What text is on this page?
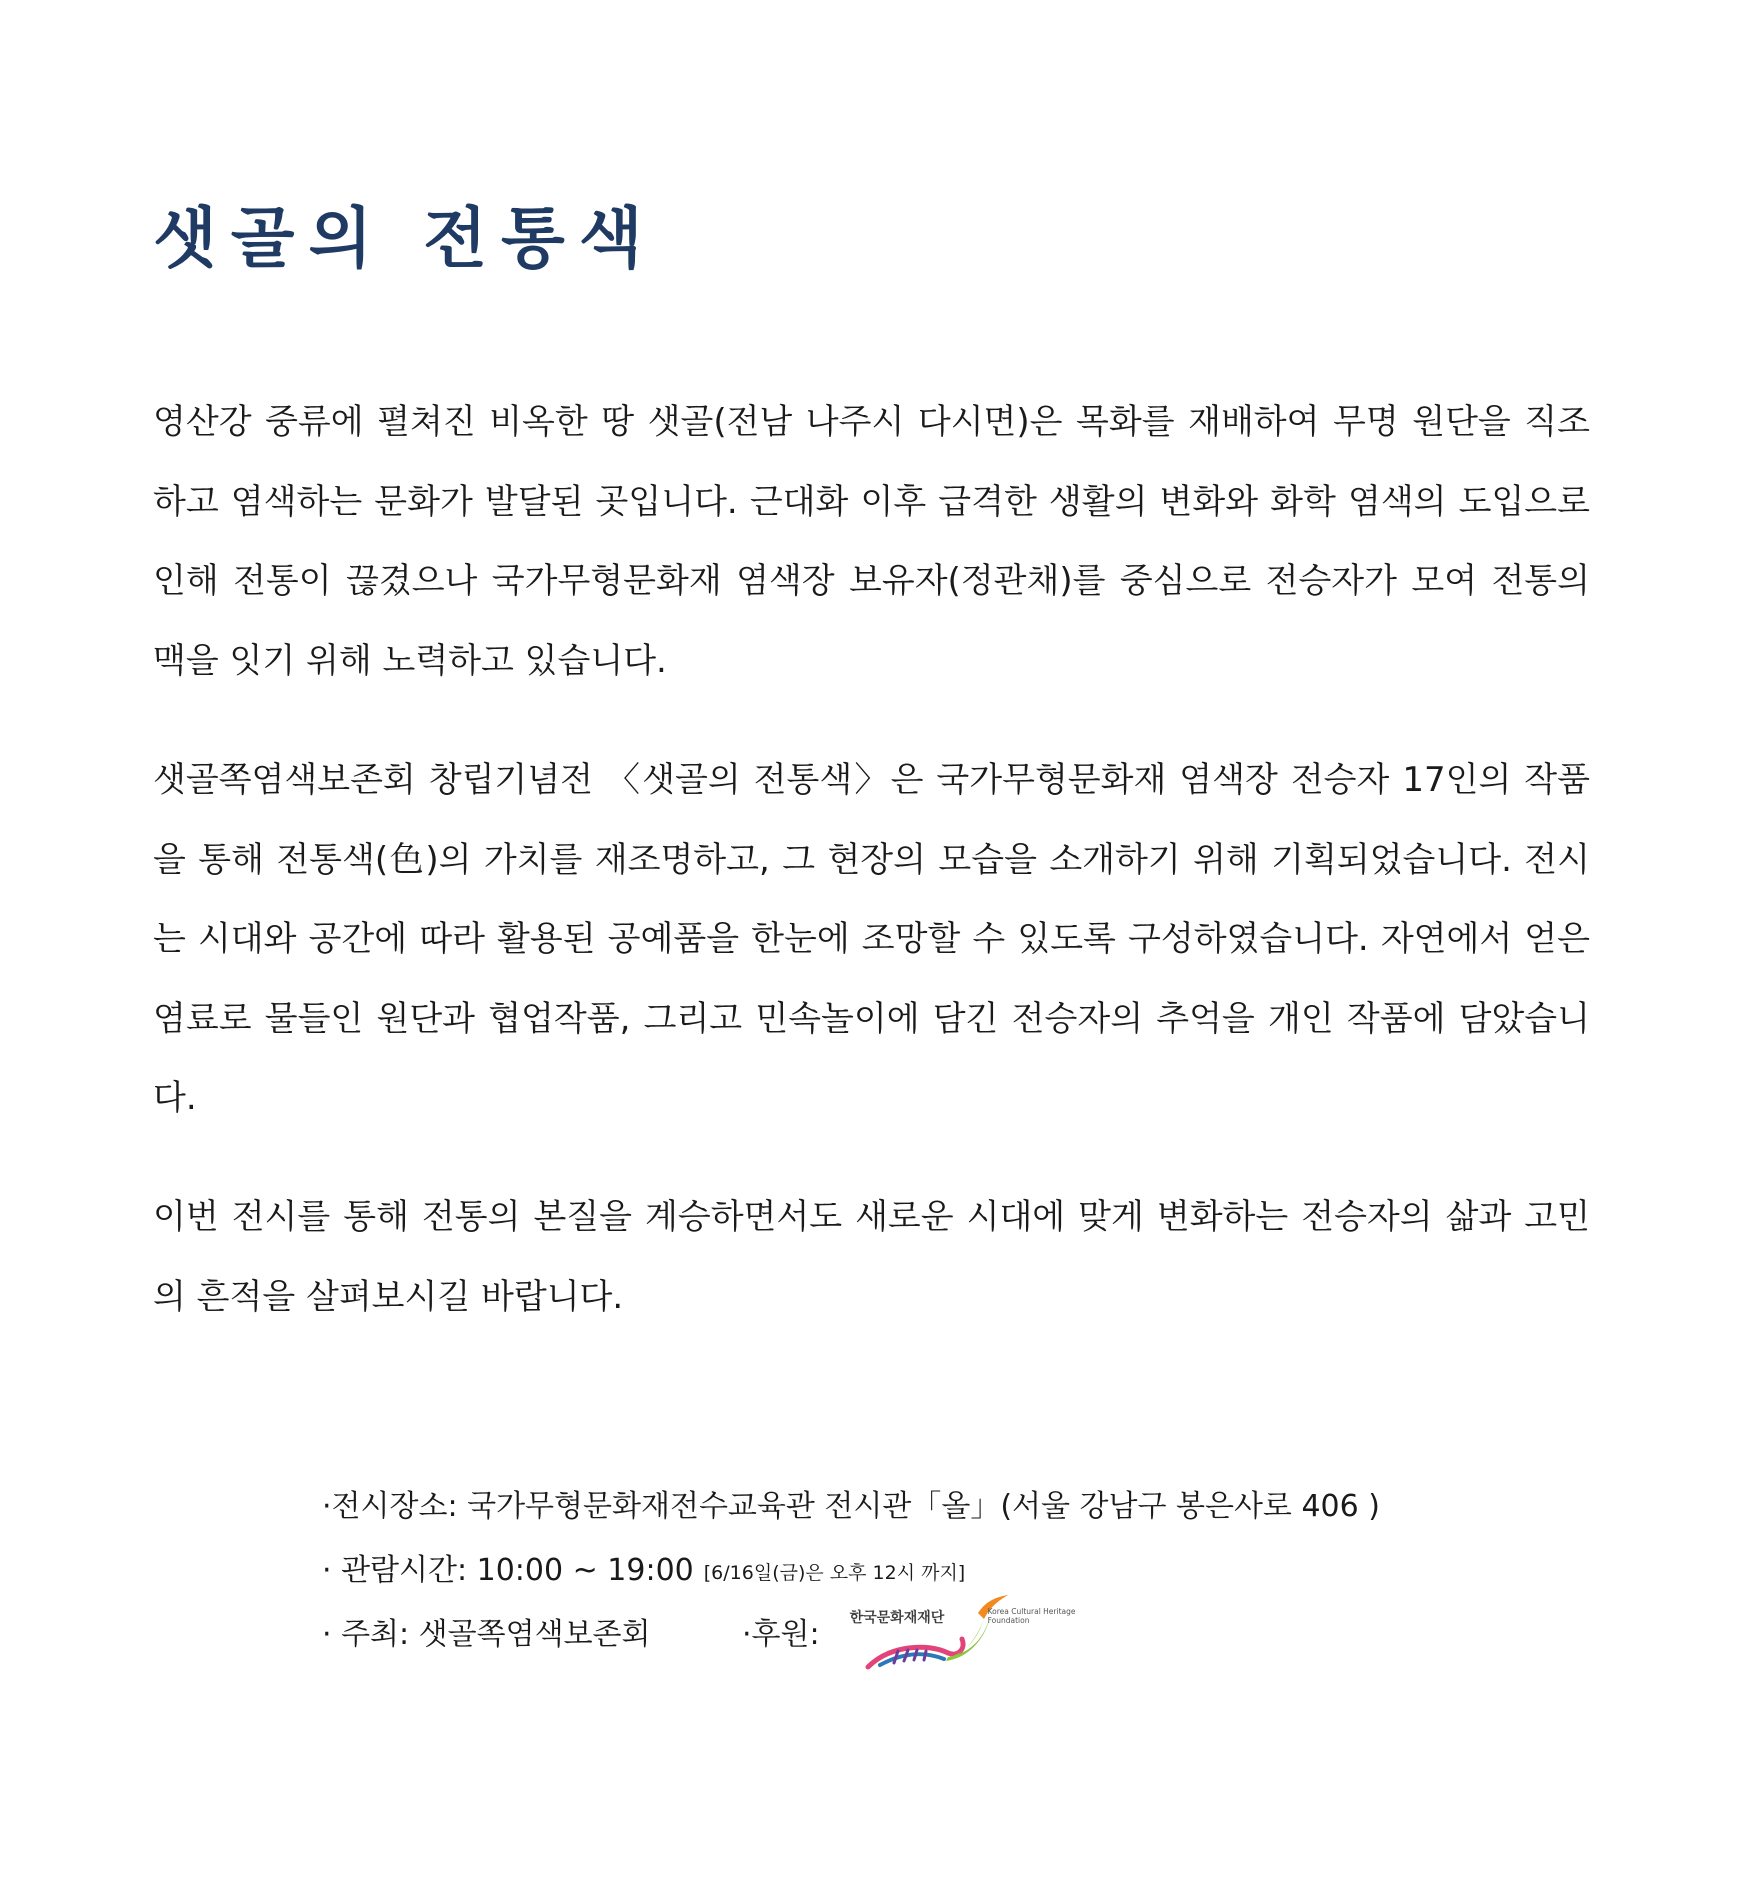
샛골의 전통색

영산강 중류에 펼쳐진 비옥한 땅 샛골(전남 나주시 다시면)은 목화를 재배하여 무명 원단을 직조하고 염색하는 문화가 발달된 곳입니다. 근대화 이후 급격한 생활의 변화와 화학 염색의 도입으로 인해 전통이 끊겼으나 국가무형문화재 염색장 보유자(정관채)를 중심으로 전승자가 모여 전통의 맥을 잇기 위해 노력하고 있습니다.

샛골쪽염색보존회 창립기념전 〈샛골의 전통색〉은 국가무형문화재 염색장 전승자 17인의 작품을 통해 전통색(色)의 가치를 재조명하고, 그 현장의 모습을 소개하기 위해 기획되었습니다. 전시는 시대와 공간에 따라 활용된 공예품을 한눈에 조망할 수 있도록 구성하였습니다. 자연에서 얻은 염료로 물들인 원단과 협업작품, 그리고 민속놀이에 담긴 전승자의 추억을 개인 작품에 담았습니다.

이번 전시를 통해 전통의 본질을 계승하면서도 새로운 시대에 맞게 변화하는 전승자의 삶과 고민의 흔적을 살펴보시길 바랍니다.

·전시장소: 국가무형문화재전수교육관 전시관「올」(서울 강남구 봉은사로 406 )
· 관람시간: 10:00 ~ 19:00 [6/16일(금)은 오후 12시 까지]
· 주최: 샛골쪽염색보존회	·후원: 한국문화재재단	Korea Cultural Heritage Foundation
